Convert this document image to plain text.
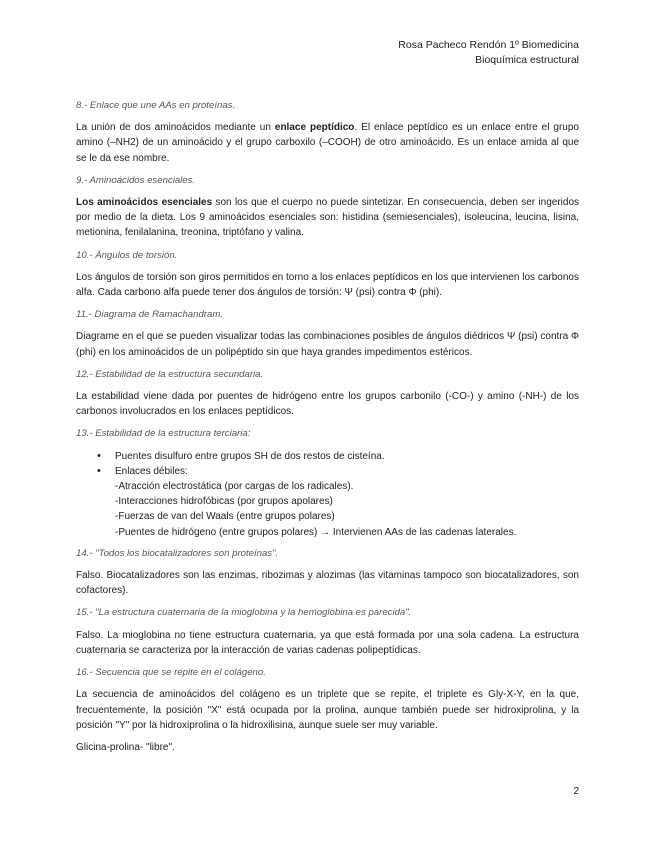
Rosa Pacheco Rendón 1º Biomedicina
Bioquímica estructural

8.- Enlace que une AAs en proteínas.

La unión de dos aminoácidos mediante un enlace peptídico. El enlace peptídico es un enlace entre el grupo amino (–NH2) de un aminoácido y el grupo carboxilo (–COOH) de otro aminoácido. Es un enlace amida al que se le da ese nombre.

9.- Aminoácidos esenciales.

Los aminoácidos esenciales son los que el cuerpo no puede sintetizar. En consecuencia, deben ser ingeridos por medio de la dieta. Los 9 aminoácidos esenciales son: histidina (semiesenciales), isoleucina, leucina, lisina, metionina, fenilalanina, treonina, triptófano y valina.

10.- Ángulos de torsión.

Los ángulos de torsión son giros permitidos en torno a los enlaces peptídicos en los que intervienen los carbonos alfa. Cada carbono alfa puede tener dos ángulos de torsión: Ψ (psi) contra Φ (phi).

11.- Diagrama de Ramachandram.

Diagrame en el que se pueden visualizar todas las combinaciones posibles de ángulos diédricos Ψ (psi) contra Φ (phi) en los aminoácidos de un polipéptido sin que haya grandes impedimentos estéricos.

12.- Estabilidad de la estructura secundaria.

La estabilidad viene dada por puentes de hidrógeno entre los grupos carbonilo (-CO-) y amino (-NH-) de los carbonos involucrados en los enlaces peptídicos.

13.- Estabilidad de la estructura terciaria:

• Puentes disulfuro entre grupos SH de dos restos de cisteína.
• Enlaces débiles:
-Atracción electrostática (por cargas de los radicales).
-Interacciones hidrofóbicas (por grupos apolares)
-Fuerzas de van del Waals (entre grupos polares)
-Puentes de hidrógeno (entre grupos polares) → Intervienen AAs de las cadenas laterales.

14.- "Todos los biocatalizadores son proteínas".

Falso. Biocatalizadores son las enzimas, ribozimas y alozimas (las vitaminas tampoco son biocatalizadores, son cofactores).

15.- "La estructura cuaternaria de la mioglobina y la hemoglobina es parecida".

Falso. La mioglobina no tiene estructura cuaternaria, ya que está formada por una sola cadena. La estructura cuaternaria se caracteriza por la interacción de varias cadenas polipeptídicas.

16.- Secuencia que se repite en el colágeno.

La secuencia de aminoácidos del colágeno es un triplete que se repite, el triplete es Gly-X-Y, en la que, frecuentemente, la posición "X" está ocupada por la prolina, aunque también puede ser hidroxiprolina, y la posición "Y" por la hidroxiprolina o la hidroxilisina, aunque suele ser muy variable.

Glicina-prolina- "libre".

2
